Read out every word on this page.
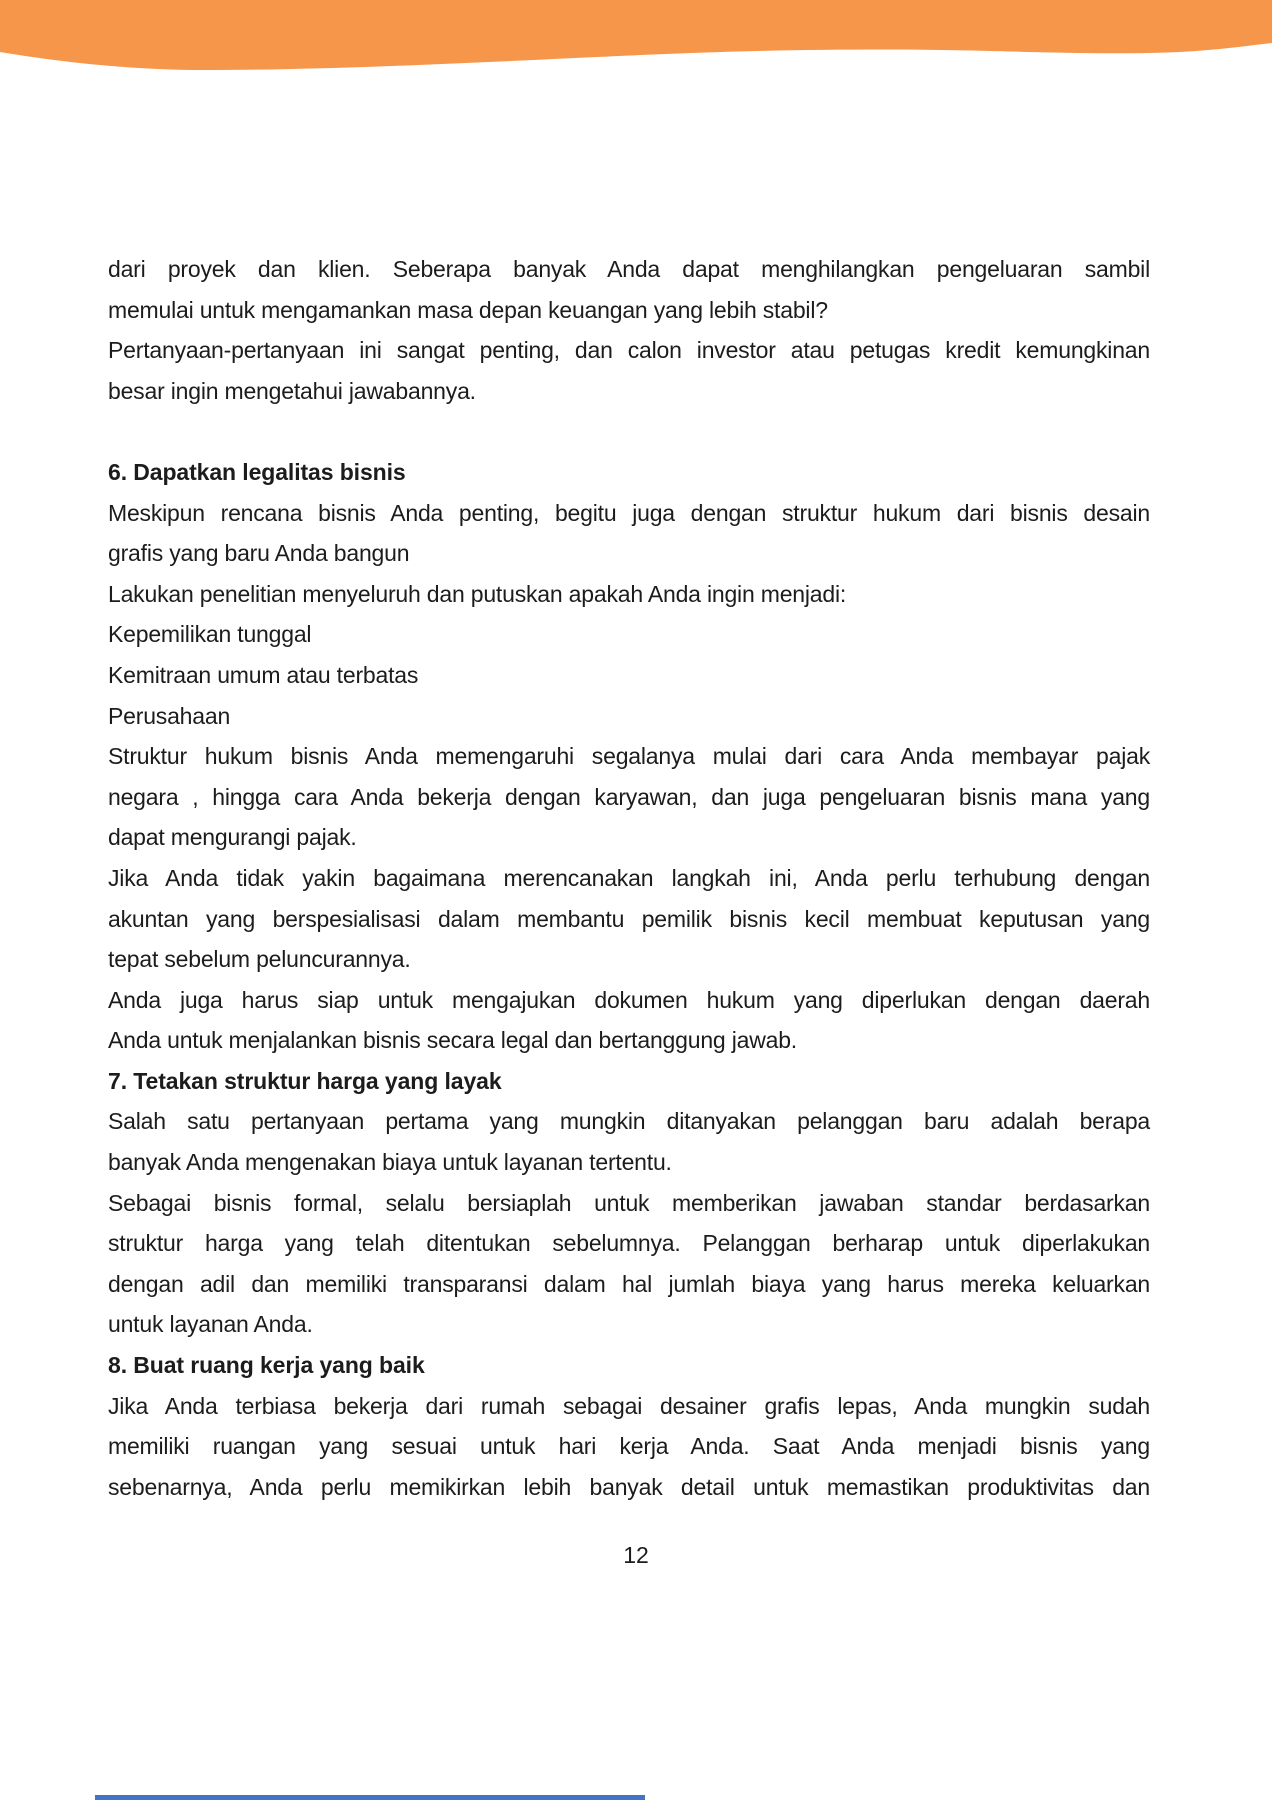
dari proyek dan klien. Seberapa banyak Anda dapat menghilangkan pengeluaran sambil
memulai untuk mengamankan masa depan keuangan yang lebih stabil?
Pertanyaan-pertanyaan ini sangat penting, dan calon investor atau petugas kredit kemungkinan
besar ingin mengetahui jawabannya.
6. Dapatkan legalitas bisnis
Meskipun rencana bisnis Anda penting, begitu juga dengan struktur hukum dari bisnis desain
grafis yang baru Anda bangun
Lakukan penelitian menyeluruh dan putuskan apakah Anda ingin menjadi:
Kepemilikan tunggal
Kemitraan umum atau terbatas
Perusahaan
Struktur hukum bisnis Anda memengaruhi segalanya mulai dari cara Anda membayar pajak
negara , hingga cara Anda bekerja dengan karyawan, dan juga pengeluaran bisnis mana yang
dapat mengurangi pajak.
Jika Anda tidak yakin bagaimana merencanakan langkah ini, Anda perlu terhubung dengan
akuntan yang berspesialisasi dalam membantu pemilik bisnis kecil membuat keputusan yang
tepat sebelum peluncurannya.
Anda juga harus siap untuk mengajukan dokumen hukum yang diperlukan dengan daerah
Anda untuk menjalankan bisnis secara legal dan bertanggung jawab.
7. Tetakan struktur harga yang layak
Salah satu pertanyaan pertama yang mungkin ditanyakan pelanggan baru adalah berapa
banyak Anda mengenakan biaya untuk layanan tertentu.
Sebagai bisnis formal, selalu bersiaplah untuk memberikan jawaban standar berdasarkan
struktur harga yang telah ditentukan sebelumnya. Pelanggan berharap untuk diperlakukan
dengan adil dan memiliki transparansi dalam hal jumlah biaya yang harus mereka keluarkan
untuk layanan Anda.
8. Buat ruang kerja yang baik
Jika Anda terbiasa bekerja dari rumah sebagai desainer grafis lepas, Anda mungkin sudah
memiliki ruangan yang sesuai untuk hari kerja Anda. Saat Anda menjadi bisnis yang
sebenarnya, Anda perlu memikirkan lebih banyak detail untuk memastikan produktivitas dan
12
